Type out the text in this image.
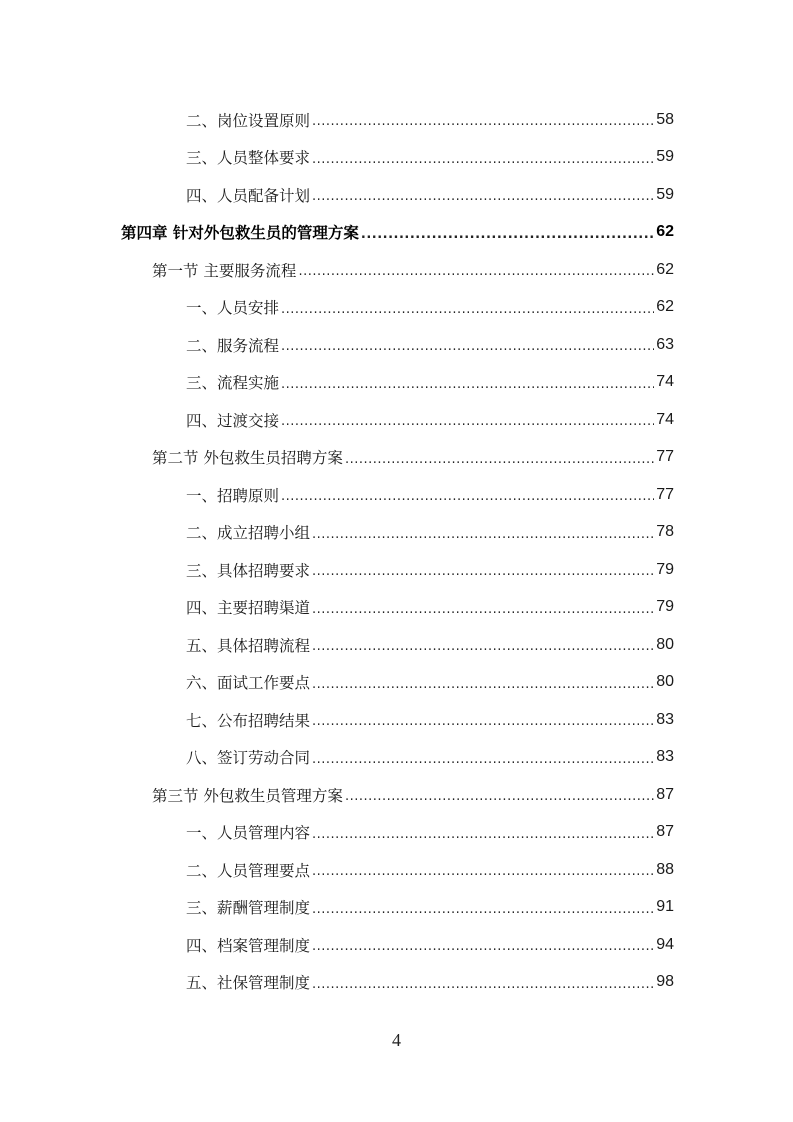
二、岗位设置原则 .....	58
三、人员整体要求 .....	59
四、人员配备计划 .....	59
第四章 针对外包救生员的管理方案 .....	62
第一节 主要服务流程 .....	62
一、人员安排 .....	62
二、服务流程 .....	63
三、流程实施 .....	74
四、过渡交接 .....	74
第二节 外包救生员招聘方案 .....	77
一、招聘原则 .....	77
二、成立招聘小组 .....	78
三、具体招聘要求 .....	79
四、主要招聘渠道 .....	79
五、具体招聘流程 .....	80
六、面试工作要点 .....	80
七、公布招聘结果 .....	83
八、签订劳动合同 .....	83
第三节 外包救生员管理方案 .....	87
一、人员管理内容 .....	87
二、人员管理要点 .....	88
三、薪酬管理制度 .....	91
四、档案管理制度 .....	94
五、社保管理制度 .....	98
4
